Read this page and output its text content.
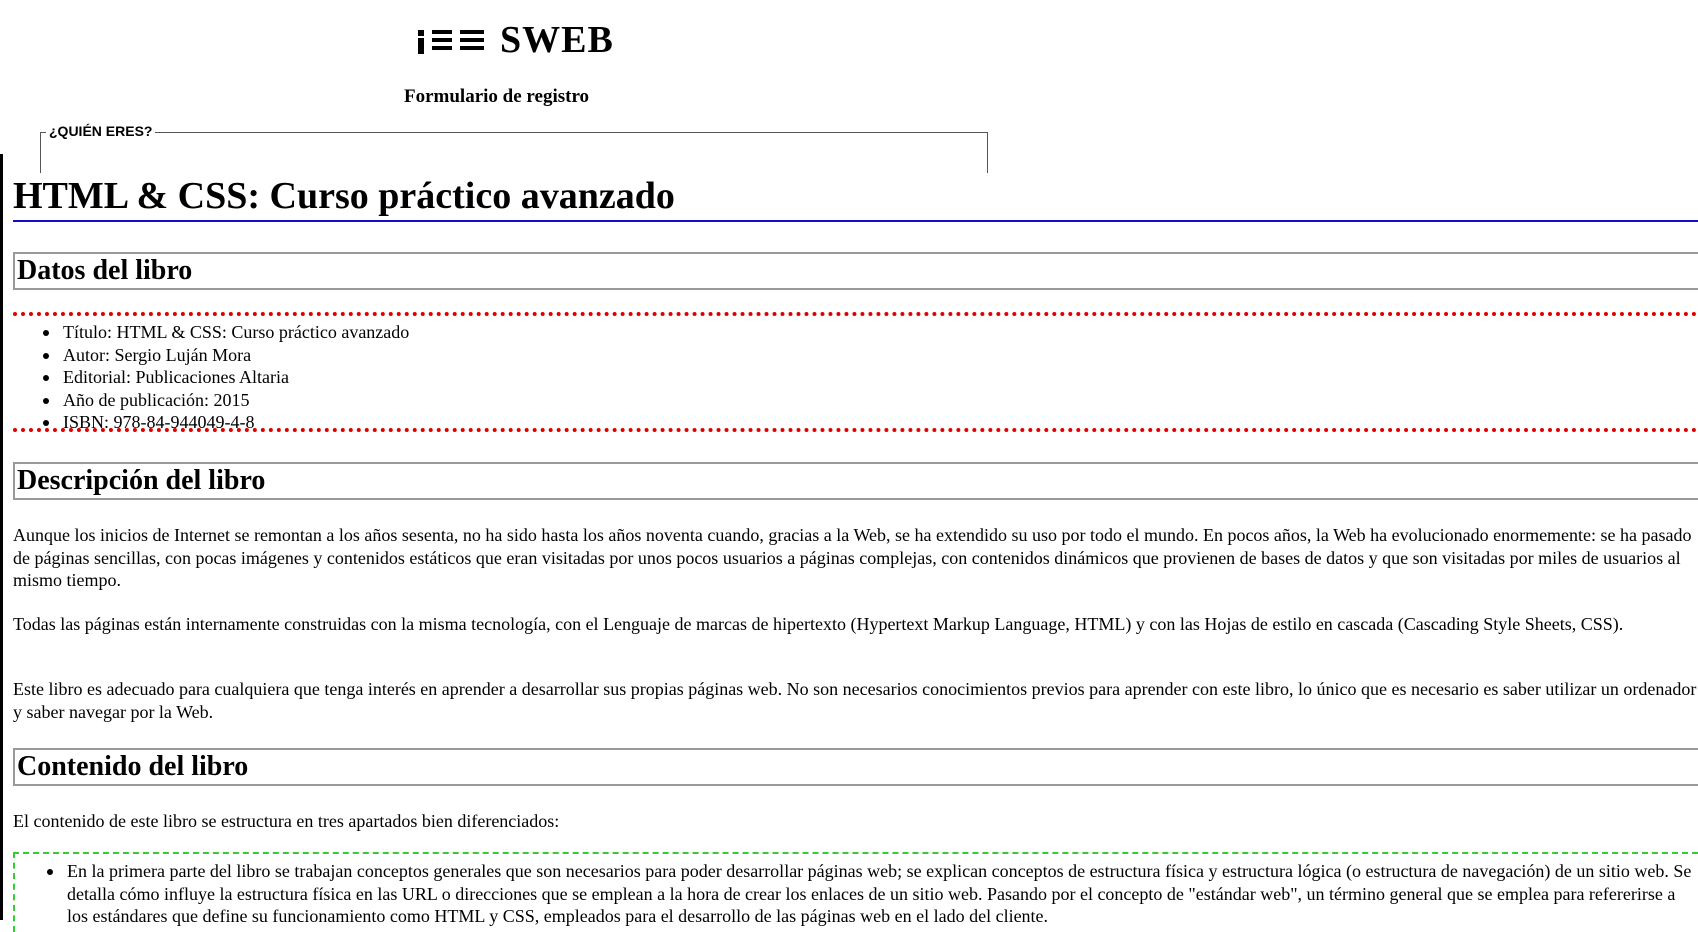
SWEB
Formulario de registro
¿QUIÉN ERES?
HTML & CSS: Curso práctico avanzado
Datos del libro
Título: HTML & CSS: Curso práctico avanzado
Autor: Sergio Luján Mora
Editorial: Publicaciones Altaria
Año de publicación: 2015
ISBN: 978-84-944049-4-8
Descripción del libro

Aunque los inicios de Internet se remontan a los años sesenta, no ha sido hasta los años noventa cuando, gracias a la Web, se ha extendido su uso por todo el mundo. En pocos años, la Web ha evolucionado enormemente: se ha pasado de páginas sencillas, con pocas imágenes y contenidos estáticos que eran visitadas por unos pocos usuarios a páginas complejas, con contenidos dinámicos que provienen de bases de datos y que son visitadas por miles de usuarios al mismo tiempo.

Todas las páginas están internamente construidas con la misma tecnología, con el Lenguaje de marcas de hipertexto (Hypertext Markup Language, HTML) y con las Hojas de estilo en cascada (Cascading Style Sheets, CSS).

Este libro es adecuado para cualquiera que tenga interés en aprender a desarrollar sus propias páginas web. No son necesarios conocimientos previos para aprender con este libro, lo único que es necesario es saber utilizar un ordenador y saber navegar por la Web.

Contenido del libro

El contenido de este libro se estructura en tres apartados bien diferenciados:

En la primera parte del libro se trabajan conceptos generales que son necesarios para poder desarrollar páginas web; se explican conceptos de estructura física y estructura lógica (o estructura de navegación) de un sitio web. Se detalla cómo influye la estructura física en las URL o direcciones que se emplean a la hora de crear los enlaces de un sitio web. Pasando por el concepto de "estándar web", un término general que se emplea para refererirse a los estándares que define su funcionamiento como HTML y CSS, empleados para el desarrollo de las páginas web en el lado del cliente.
